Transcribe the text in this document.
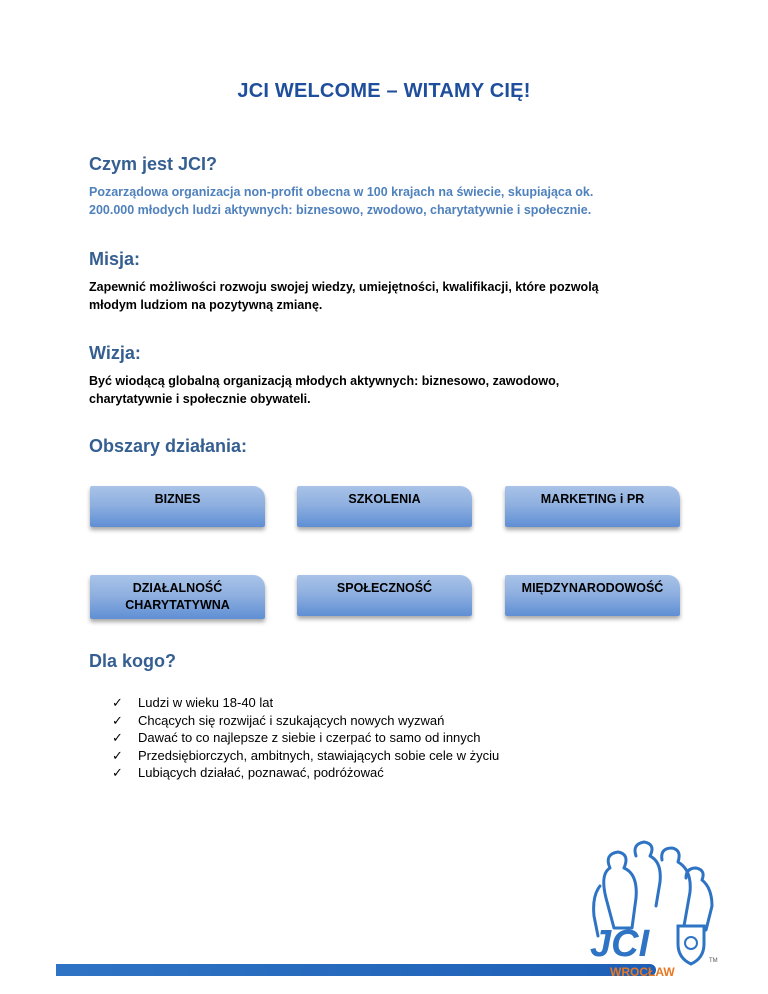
JCI WELCOME – WITAMY CIĘ!
Czym jest JCI?
Pozarządowa organizacja non-profit obecna w 100 krajach na świecie, skupiająca ok.
200.000 młodych ludzi aktywnych: biznesowo, zwodowo, charytatywnie i społecznie.
Misja:
Zapewnić możliwości rozwoju swojej wiedzy, umiejętności, kwalifikacji, które pozwolą
młodym ludziom na pozytywną zmianę.
Wizja:
Być wiodącą globalną organizacją młodych aktywnych: biznesowo, zawodowo,
charytatywnie i społecznie obywateli.
Obszary działania:
BIZNES	SZKOLENIA	MARKETING i PR
DZIAŁALNOŚĆ
CHARYTATYWNA
SPOŁECZNOŚĆ	MIĘDZYNARODOWOŚĆ
Dla kogo?
✓	Ludzi w wieku 18-40 lat
✓	Chcących się rozwijać i szukających nowych wyzwań
✓	Dawać to co najlepsze z siebie i czerpać to samo od innych
✓	Przedsiębiorczych, ambitnych, stawiających sobie cele w życiu
✓	Lubiących działać, poznawać, podróżować
JCI	TM
WROCŁAW
